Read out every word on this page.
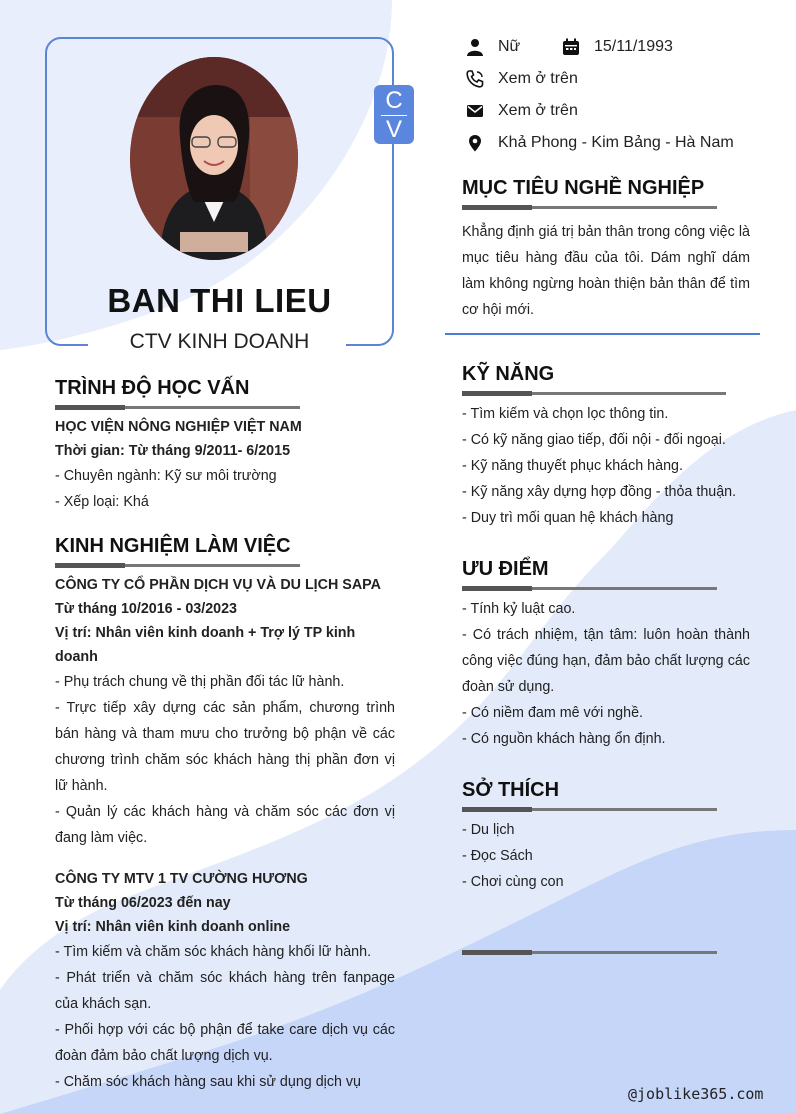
C
V
BAN THI LIEU
CTV KINH DOANH
Nữ	15/11/1993
Xem ở trên
Xem ở trên
Khả Phong - Kim Bảng - Hà Nam
MỤC TIÊU NGHỀ NGHIỆP

Khẳng định giá trị bản thân trong công việc là mục tiêu hàng đầu của tôi. Dám nghĩ dám làm không ngừng hoàn thiện bản thân để tìm cơ hội mới.

TRÌNH ĐỘ HỌC VẤN

HỌC VIỆN NÔNG NGHIỆP VIỆT NAM

Thời gian: Từ tháng 9/2011- 6/2015

- Chuyên ngành: Kỹ sư môi trường

- Xếp loại: Khá

KINH NGHIỆM LÀM VIỆC

CÔNG TY CỔ PHẦN DỊCH VỤ VÀ DU LỊCH SAPA

Từ tháng 10/2016 - 03/2023

Vị trí: Nhân viên kinh doanh + Trợ lý TP kinh doanh

- Phụ trách chung về thị phần đối tác lữ hành.

- Trực tiếp xây dựng các sản phẩm, chương trình bán hàng và tham mưu cho trưởng bộ phận về các chương trình chăm sóc khách hàng thị phần đơn vị lữ hành.

- Quản lý các khách hàng và chăm sóc các đơn vị đang làm việc.

CÔNG TY MTV 1 TV CƯỜNG HƯƠNG

Từ tháng 06/2023 đến nay

Vị trí: Nhân viên kinh doanh online

- Tìm kiếm và chăm sóc khách hàng khối lữ hành.

- Phát triển và chăm sóc khách hàng trên fanpage của khách sạn.

- Phối hợp với các bộ phận để take care dịch vụ các đoàn đảm bảo chất lượng dịch vụ.

- Chăm sóc khách hàng sau khi sử dụng dịch vụ

KỸ NĂNG

- Tìm kiếm và chọn lọc thông tin.

- Có kỹ năng giao tiếp, đối nội - đối ngoại.

- Kỹ năng thuyết phục khách hàng.

- Kỹ năng xây dựng hợp đồng - thỏa thuận.

- Duy trì mối quan hệ khách hàng

ƯU ĐIỂM

- Tính kỷ luật cao.

- Có trách nhiệm, tận tâm: luôn hoàn thành công việc đúng hạn, đảm bảo chất lượng các đoàn sử dụng.

- Có niềm đam mê với nghề.

- Có nguồn khách hàng ổn định.

SỞ THÍCH

- Du lịch

- Đọc Sách

- Chơi cùng con

@joblike365.com
